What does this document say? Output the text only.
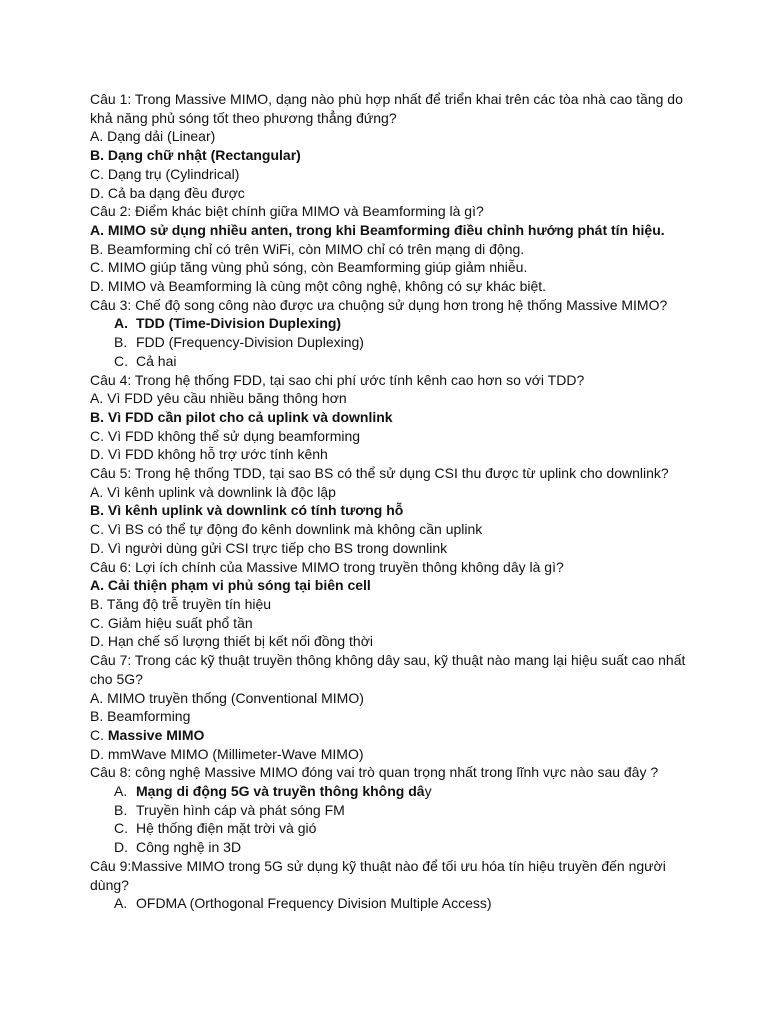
Câu 1: Trong Massive MIMO, dạng nào phù hợp nhất để triển khai trên các tòa nhà cao tầng do khả năng phủ sóng tốt theo phương thẳng đứng?
A. Dạng dải (Linear)
B. Dạng chữ nhật (Rectangular)
C. Dạng trụ (Cylindrical)
D. Cả ba dạng đều được
Câu 2: Điểm khác biệt chính giữa MIMO và Beamforming là gì?
A. MIMO sử dụng nhiều anten, trong khi Beamforming điều chỉnh hướng phát tín hiệu.
B. Beamforming chỉ có trên WiFi, còn MIMO chỉ có trên mạng di động.
C. MIMO giúp tăng vùng phủ sóng, còn Beamforming giúp giảm nhiễu.
D. MIMO và Beamforming là cùng một công nghệ, không có sự khác biệt.
Câu 3: Chế độ song công nào được ưa chuộng sử dụng hơn trong hệ thống Massive MIMO?
A. TDD (Time-Division Duplexing)
B. FDD (Frequency-Division Duplexing)
C. Cả hai
Câu 4: Trong hệ thống FDD, tại sao chi phí ước tính kênh cao hơn so với TDD?
A. Vì FDD yêu cầu nhiều băng thông hơn
B. Vì FDD cần pilot cho cả uplink và downlink
C. Vì FDD không thể sử dụng beamforming
D. Vì FDD không hỗ trợ ước tính kênh
Câu 5: Trong hệ thống TDD, tại sao BS có thể sử dụng CSI thu được từ uplink cho downlink?
A. Vì kênh uplink và downlink là độc lập
B. Vì kênh uplink và downlink có tính tương hỗ
C. Vì BS có thể tự động đo kênh downlink mà không cần uplink
D. Vì người dùng gửi CSI trực tiếp cho BS trong downlink
Câu 6: Lợi ích chính của Massive MIMO trong truyền thông không dây là gì?
A. Cải thiện phạm vi phủ sóng tại biên cell
B. Tăng độ trễ truyền tín hiệu
C. Giảm hiệu suất phổ tần
D. Hạn chế số lượng thiết bị kết nối đồng thời
Câu 7: Trong các kỹ thuật truyền thông không dây sau, kỹ thuật nào mang lại hiệu suất cao nhất cho 5G?
A. MIMO truyền thống (Conventional MIMO)
B. Beamforming
C. Massive MIMO
D. mmWave MIMO (Millimeter-Wave MIMO)
Câu 8: công nghệ Massive MIMO đóng vai trò quan trọng nhất trong lĩnh vực nào sau đây ?
A. Mạng di động 5G và truyền thông không dây
B. Truyền hình cáp và phát sóng FM
C. Hệ thống điện mặt trời và gió
D. Công nghệ in 3D
Câu 9:Massive MIMO trong 5G sử dụng kỹ thuật nào để tối ưu hóa tín hiệu truyền đến người dùng?
A. OFDMA (Orthogonal Frequency Division Multiple Access)
